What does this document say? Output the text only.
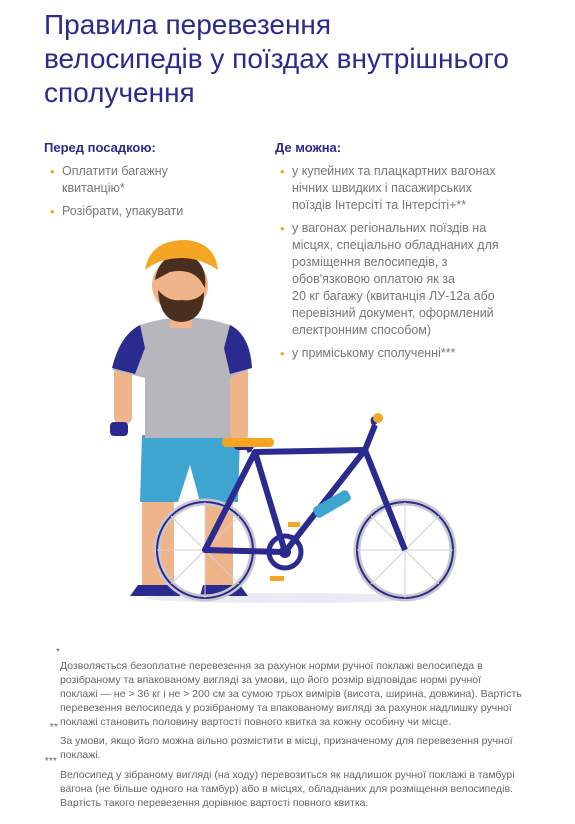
Правила перевезення
велосипедів у поїздах внутрішнього
сполучення
Перед посадкою:
• Оплатити багажну
квитанцію*
• Розібрати, упакувати
Де можна:
• у купейних та плацкартних вагонах
нічних швидких і пасажирських
поїздів Інтерсіті та Інтерсіті+**
• у вагонах регіональних поїздів на
місцях, спеціально обладнаних для
розміщення велосипедів, з
обов'язковою оплатою як за
20 кг багажу (квитанція ЛУ-12а або
перевізний документ, оформлений
електронним способом)
• у приміському сполученні***

*

Дозволяється безоплатне перевезення за рахунок норми ручної поклажі велосипеда в
розібраному та впакованому вигляді за умови, що його розмір відповідає нормі ручної
поклажі — не > 36 кг і не > 200 см за сумою трьох вимірів (висота, ширина, довжина). Вартість
перевезення велосипеда у розібраному та впакованому вигляді за рахунок надлишку ручної
поклажі становить половину вартості повного квитка за кожну особину чи місце.

**

За умови, якщо його можна вільно розмістити в місці, призначеному для перевезення ручної
поклажі.

***

Велосипед у зібраному вигляді (на ходу) перевозиться як надлишок ручної поклажі в тамбурі
вагона (не більше одного на тамбур) або в місцях, обладнаних для розміщення велосипедів.
Вартість такого перевезення дорівнює вартості повного квитка.
